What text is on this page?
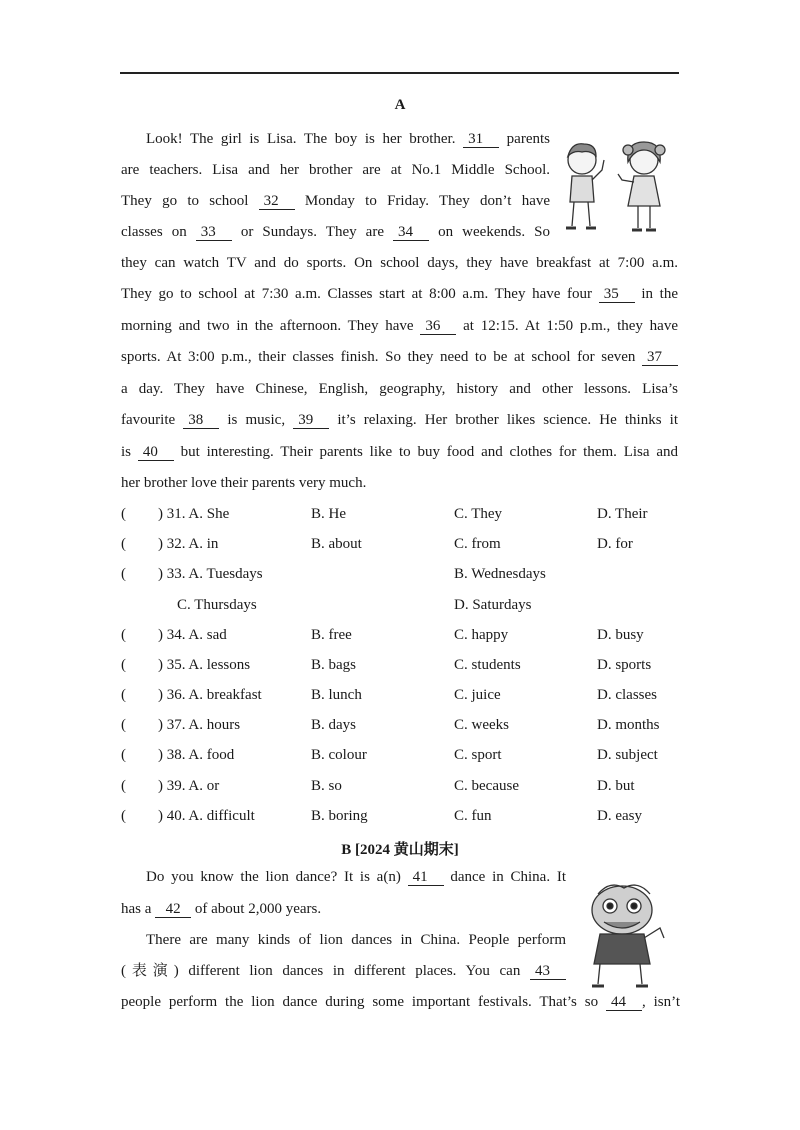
A
Look! The girl is Lisa. The boy is her brother. 31 parents
are teachers. Lisa and her brother are at No.1 Middle School.
They go to school 32 Monday to Friday. They don’t have
classes on 33 or Sundays. They are 34 on weekends. So
they can watch TV and do sports. On school days, they have breakfast at 7:00 a.m.
They go to school at 7:30 a.m. Classes start at 8:00 a.m. They have four 35 in the
morning and two in the afternoon. They have 36 at 12:15. At 1:50 p.m., they have
sports. At 3:00 p.m., their classes finish. So they need to be at school for seven 37
a day. They have Chinese, English, geography, history and other lessons. Lisa’s
favourite 38 is music, 39 it’s relaxing. Her brother likes science. He thinks it
is 40 but interesting. Their parents like to buy food and clothes for them. Lisa and
her brother love their parents very much.
( ) 31. A. She	B. He	C. They	D. Their
( ) 32. A. in	B. about	C. from	D. for
( ) 33. A. Tuesdays	B. Wednesdays
C. Thursdays	D. Saturdays
( ) 34. A. sad	B. free	C. happy	D. busy
( ) 35. A. lessons	B. bags	C. students	D. sports
( ) 36. A. breakfast	B. lunch	C. juice	D. classes
( ) 37. A. hours	B. days	C. weeks	D. months
( ) 38. A. food	B. colour	C. sport	D. subject
( ) 39. A. or	B. so	C. because	D. but
( ) 40. A. difficult	B. boring	C. fun	D. easy
B [2024 黄山期末]
Do you know the lion dance? It is a(n) 41 dance in China. It
has a 42 of about 2,000 years.
There are many kinds of lion dances in China. People perform
(表演) different lion dances in different places. You can 43
people perform the lion dance during some important festivals. That’s so 44 , isn’t
